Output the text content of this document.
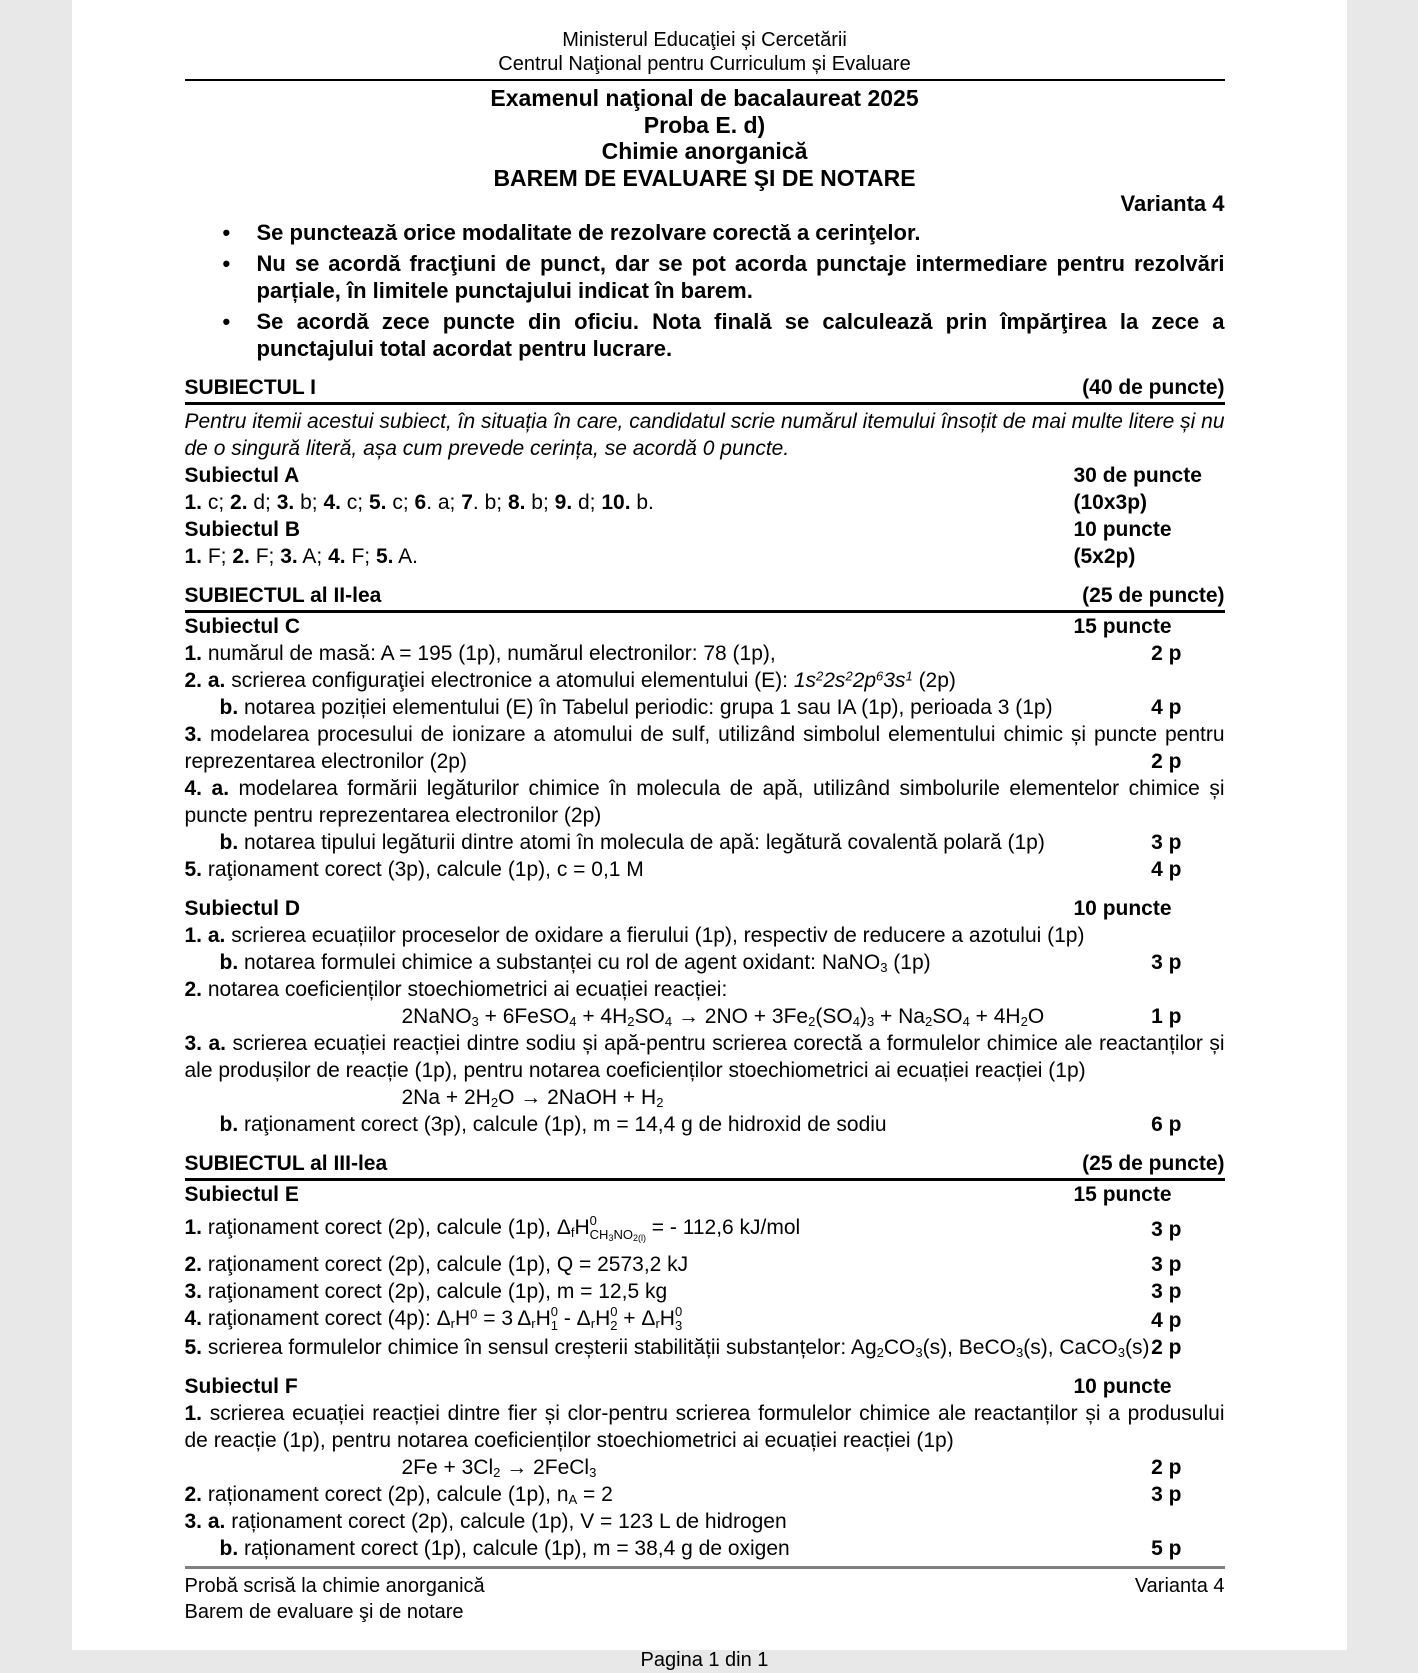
Ministerul Educaţiei și Cercetării
Centrul Naţional pentru Curriculum și Evaluare
Examenul naţional de bacalaureat 2025
Proba E. d)
Chimie anorganică
BAREM DE EVALUARE ŞI DE NOTARE
Varianta 4
• Se punctează orice modalitate de rezolvare corectă a cerinţelor.
• Nu se acordă fracţiuni de punct, dar se pot acorda punctaje intermediare pentru rezolvări parțiale, în limitele punctajului indicat în barem.
• Se acordă zece puncte din oficiu. Nota finală se calculează prin împărţirea la zece a punctajului total acordat pentru lucrare.
SUBIECTUL I	(40 de puncte)
Pentru itemii acestui subiect, în situația în care, candidatul scrie numărul itemului însoțit de mai multe litere și nu de o singură literă, așa cum prevede cerința, se acordă 0 puncte.
Subiectul A	30 de puncte
1. c; 2. d; 3. b; 4. c; 5. c; 6. a; 7. b; 8. b; 9. d; 10. b.	(10x3p)
Subiectul B	10 puncte
1. F; 2. F; 3. A; 4. F; 5. A.	(5x2p)
SUBIECTUL al II-lea	(25 de puncte)
Subiectul C	15 puncte
1. numărul de masă: A = 195 (1p), numărul electronilor: 78 (1p),	2 p
2. a. scrierea configuraţiei electronice a atomului elementului (E): $1s^22s^22p^63s^1$ (2p)
b. notarea poziției elementului (E) în Tabelul periodic: grupa 1 sau IA (1p), perioada 3 (1p)	4 p
3. modelarea procesului de ionizare a atomului de sulf, utilizând simbolul elementului chimic și puncte pentru reprezentarea electronilor (2p)	2 p
4. a. modelarea formării legăturilor chimice în molecula de apă, utilizând simbolurile elementelor chimice și puncte pentru reprezentarea electronilor (2p)
b. notarea tipului legăturii dintre atomi în molecula de apă: legătură covalentă polară (1p)	3 p
5. raţionament corect (3p), calcule (1p), c = 0,1 M	4 p
Subiectul D	10 puncte
1. a. scrierea ecuațiilor proceselor de oxidare a fierului (1p), respectiv de reducere a azotului (1p)
b. notarea formulei chimice a substanței cu rol de agent oxidant: NaNO$_3$ (1p)	3 p
2. notarea coeficienților stoechiometrici ai ecuației reacției:
2NaNO$_3$ + 6FeSO$_4$ + $4H_2SO_4 \to 2NO + 3Fe_2(SO_4)_3 + Na_2SO_4 + 4H_2O$	1 p
3. a. scrierea ecuației reacției dintre sodiu și apă-pentru scrierea corectă a formulelor chimice ale reactanților și ale produșilor de reacție (1p), pentru notarea coeficienților stoechiometrici ai ecuației reacției (1p)
$2Na + 2H_2O$ → 2NaOH + $H_2$
b. raţionament corect (3p), calcule (1p), m = 14,4 g de hidroxid de sodiu	6 p
SUBIECTUL al III-lea	(25 de puncte)
Subiectul E	15 puncte
1. raţionament corect (2p), calcule (1p), $\Delta_fH$ 0
$CH_3NO_{2(l)}$ = - 112,6 kJ/mol	3 p
2. raţionament corect (2p), calcule (1p), Q = 2573,2 kJ	3 p
3. raţionament corect (2p), calcule (1p), m = 12,5 kg	3 p
4. raţionament corect (4p): $\Delta_rH^0 = 3$ $\Delta_rH$ 0
$1 - \Delta_rH$ 0
$2 + \Delta_rH$ 0
3	4 p
5. scrierea formulelor chimice în sensul creșterii stabilității substanțelor: $Ag_2CO_3(s)$, BeCO$_3$(s), CaCO$_3$(s) 2 p
Subiectul F	10 puncte
1. scrierea ecuației reacției dintre fier și clor-pentru scrierea formulelor chimice ale reactanților și a produsului de reacție (1p), pentru notarea coeficienților stoechiometrici ai ecuației reacției (1p)
$2Fe + 3Cl_2$ → 2FeCl$_3$	2 p
2. raționament corect (2p), calcule (1p), $n_A = 2$	3 p
3. a. raționament corect (2p), calcule (1p), V = 123 L de hidrogen
b. raționament corect (1p), calcule (1p), m = 38,4 g de oxigen	5 p
Probă scrisă la chimie anorganică	Varianta 4
Barem de evaluare şi de notare
Pagina 1 din 1
